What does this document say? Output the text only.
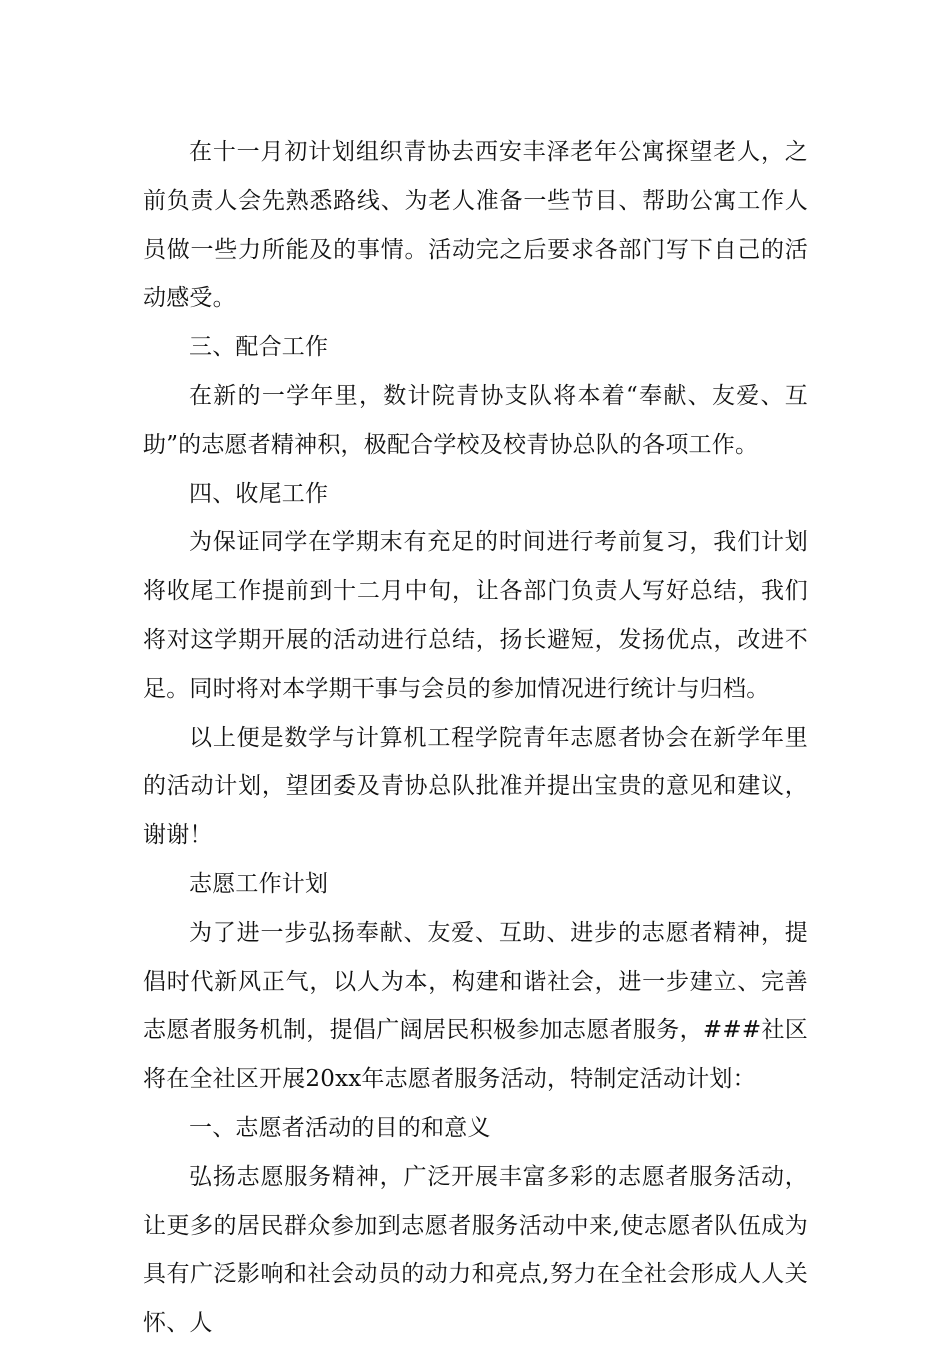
在十一月初计划组织青协去西安丰泽老年公寓探望老人，之前负责人会先熟悉路线、为老人准备一些节目、帮助公寓工作人员做一些力所能及的事情。活动完之后要求各部门写下自己的活动感受。

三、配合工作

在新的一学年里，数计院青协支队将本着“奉献、友爱、互助”的志愿者精神积，极配合学校及校青协总队的各项工作。

四、收尾工作

为保证同学在学期末有充足的时间进行考前复习，我们计划将收尾工作提前到十二月中旬，让各部门负责人写好总结，我们将对这学期开展的活动进行总结，扬长避短，发扬优点，改进不足。同时将对本学期干事与会员的参加情况进行统计与归档。

以上便是数学与计算机工程学院青年志愿者协会在新学年里的活动计划，望团委及青协总队批准并提出宝贵的意见和建议，谢谢！

志愿工作计划

为了进一步弘扬奉献、友爱、互助、进步的志愿者精神，提倡时代新风正气，以人为本，构建和谐社会，进一步建立、完善志愿者服务机制，提倡广阔居民积极参加志愿者服务，###社区将在全社区开展20xx年志愿者服务活动，特制定活动计划：

一、志愿者活动的目的和意义

弘扬志愿服务精神，广泛开展丰富多彩的志愿者服务活动，让更多的居民群众参加到志愿者服务活动中来,使志愿者队伍成为具有广泛影响和社会动员的动力和亮点,努力在全社会形成人人关怀、人
